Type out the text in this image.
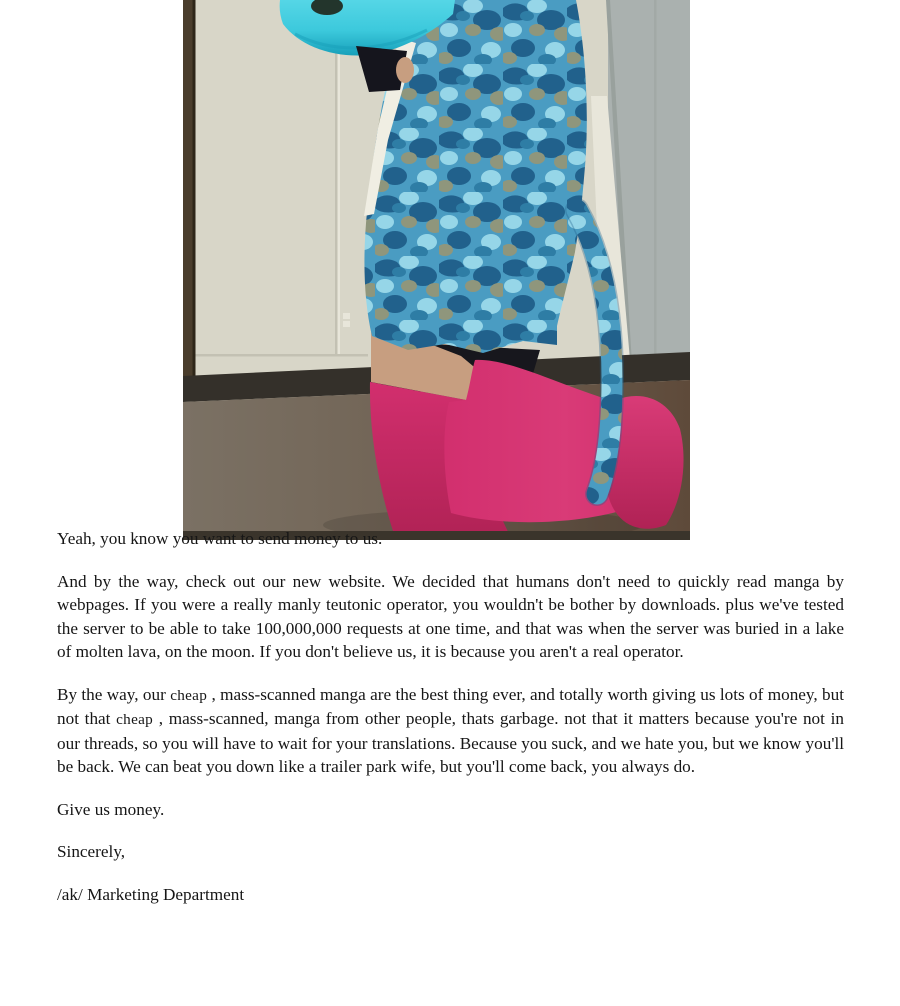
Yeah, you know you want to send money to us.

And by the way, check out our new website. We decided that humans don't need to quickly read manga by webpages. If you were a really manly teutonic operator, you wouldn't be bother by downloads. plus we've tested the server to be able to take 100,000,000 requests at one time, and that was when the server was buried in a lake of molten lava, on the moon. If you don't believe us, it is because you aren't a real operator.

By the way, our cheap , mass-scanned manga are the best thing ever, and totally worth giving us lots of money, but not that cheap , mass-scanned, manga from other people, thats garbage. not that it matters because you're not in our threads, so you will have to wait for your translations. Because you suck, and we hate you, but we know you'll be back. We can beat you down like a trailer park wife, but you'll come back, you always do.

Give us money.

Sincerely,

/ak/ Marketing Department
